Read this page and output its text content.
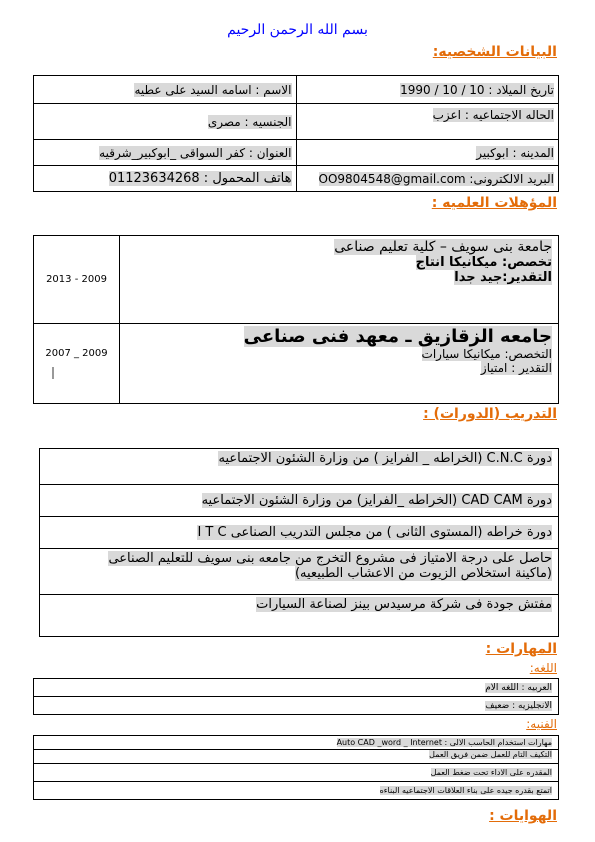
بسم الله الرحمن الرحيم
البيانات الشخصيه:
الاسم : اسامه السيد على عطيه	تاريخ الميلاد : 10 / 10 / 1990
الجنسيه : مصرى	الحاله الاجتماعيه : اعزب
العنوان : كفر السواقى _ابوكبير_شرقيه	المدينه : ابوكبير
هاتف المحمول : 01123634268	البريد الالكترونى: OO9804548@gmail.com
المؤهلات العلميه :
2013 - 2009	جامعة بنى سويف – كلية تعليم صناعى
تخصص: ميكانيكا انتاج
التقدير:جيد جدا

2007 _ 2009	جامعه الزقازيق ـ معهد فنى صناعى
التخصص: ميكانيكا سيارات
التقدير : امتياز
التدريب (الدورات) :
دورة C.N.C (الخراطه _ الفرايز ) من وزارة الشئون الاجتماعيه
دورة CAD CAM (الخراطه _الفرايز) من وزارة الشئون الاجتماعيه
دورة خراطه (المستوى الثانى ) من مجلس التدريب الصناعى I T C

حاصل على درجة الامتياز فى مشروع التخرج من جامعه بنى سويف للتعليم الصناعى
(ماكينة استخلاص الزيوت من الاعشاب الطبيعيه)

مفتش جودة فى شركة مرسيدس بينز لصناعة السيارات
المهارات :
اللغه:
العربيه : اللغه الام
الانجليزيه : ضعيف
الفنيه:
مهارات استخدام الحاسب الالى : Auto CAD _word _ Internet
التكيف التام للعمل ضمن فريق العمل
المقدره على الاداء تحت ضغط العمل
اتمتع بقدره جيده على بناء العلاقات الاجتماعيه البناءه
الهوايات :
